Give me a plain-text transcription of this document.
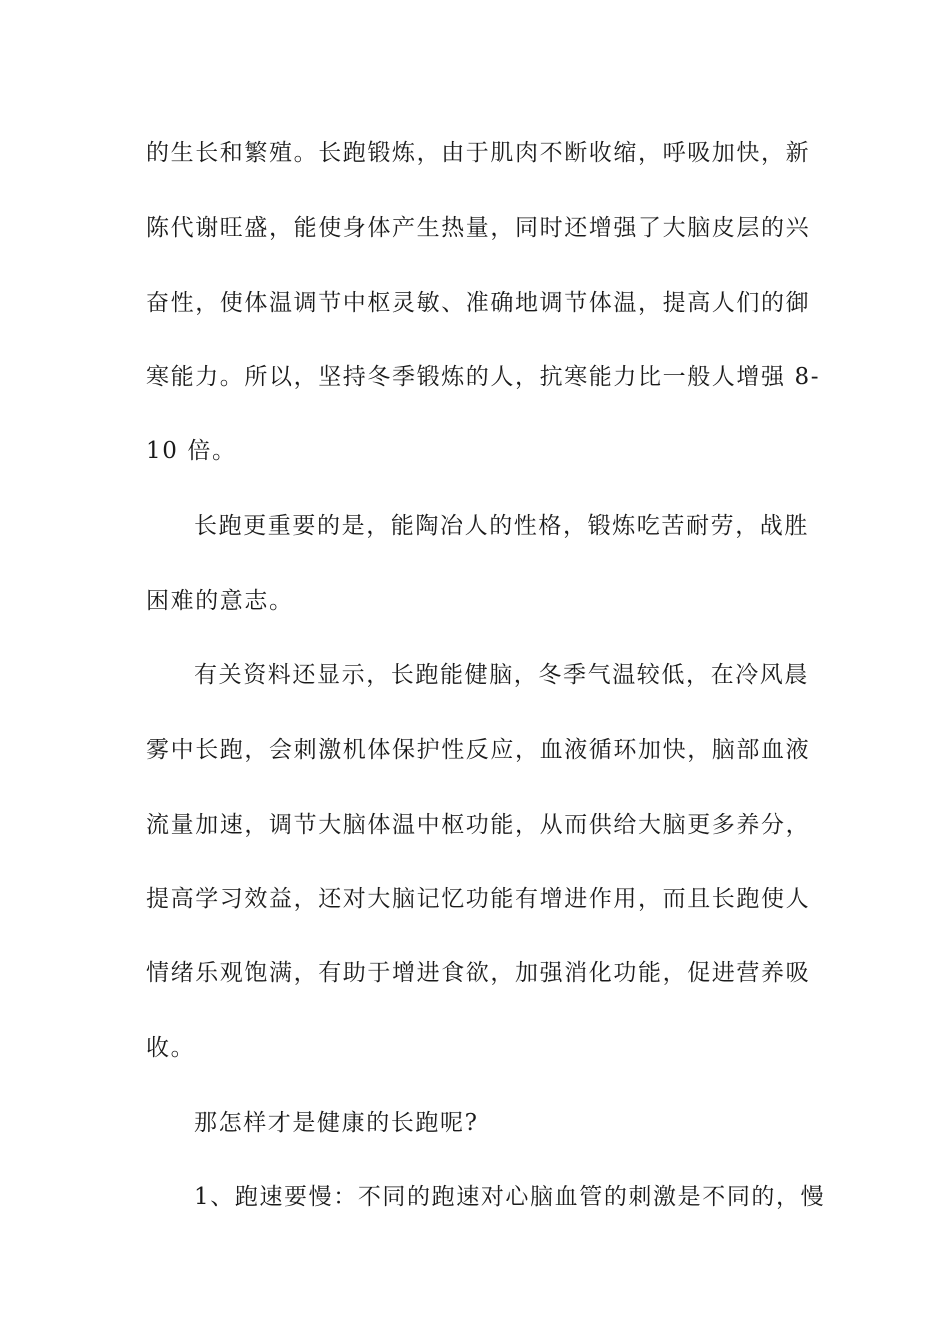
的生长和繁殖。长跑锻炼，由于肌肉不断收缩，呼吸加快，新
陈代谢旺盛，能使身体产生热量，同时还增强了大脑皮层的兴
奋性，使体温调节中枢灵敏、准确地调节体温，提高人们的御
寒能力。所以，坚持冬季锻炼的人，抗寒能力比一般人增强 8-
10 倍。
长跑更重要的是，能陶冶人的性格，锻炼吃苦耐劳，战胜
困难的意志。
有关资料还显示，长跑能健脑，冬季气温较低，在冷风晨
雾中长跑，会刺激机体保护性反应，血液循环加快，脑部血液
流量加速，调节大脑体温中枢功能，从而供给大脑更多养分，
提高学习效益，还对大脑记忆功能有增进作用，而且长跑使人
情绪乐观饱满，有助于增进食欲，加强消化功能，促进营养吸
收。
那怎样才是健康的长跑呢?
1、跑速要慢：不同的跑速对心脑血管的刺激是不同的，慢
